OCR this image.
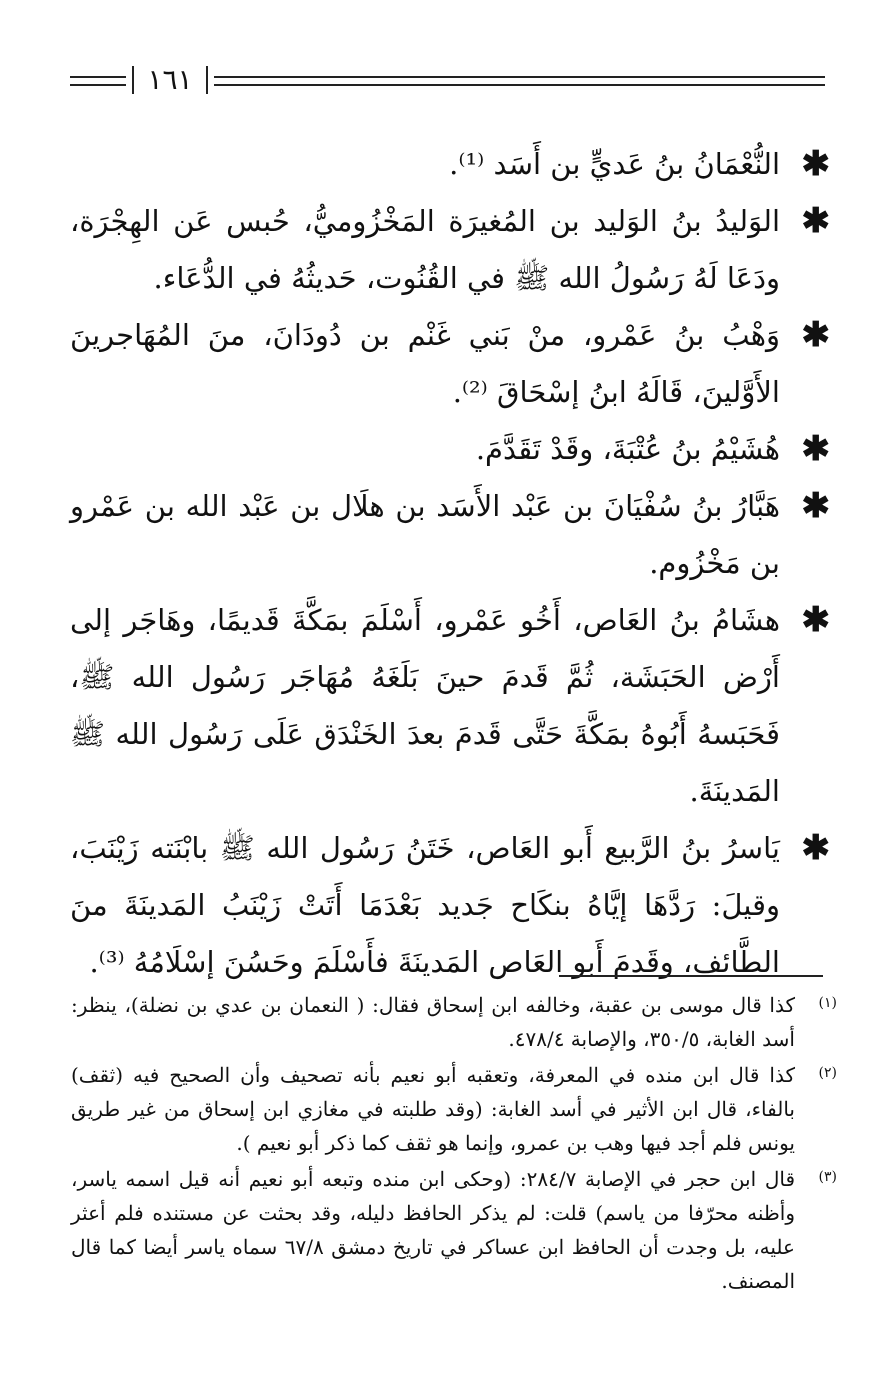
١٦١
✱
النُّعْمَانُ بنُ عَديٍّ بن أَسَد ⁽¹⁾.
✱
الوَليدُ بنُ الوَليد بن المُغيرَة المَخْزُوميُّ، حُبس عَن الهِجْرَة، ودَعَا لَهُ رَسُولُ الله ﷺ في القُنُوت، حَديثُهُ في الدُّعَاء.
✱
وَهْبُ بنُ عَمْرو، منْ بَني غَنْم بن دُودَانَ، منَ المُهَاجرينَ الأَوَّلينَ، قَالَهُ ابنُ إسْحَاقَ ⁽²⁾.
✱
هُشَيْمُ بنُ عُتْبَةَ، وقَدْ تَقَدَّمَ.
✱
هَبَّارُ بنُ سُفْيَانَ بن عَبْد الأَسَد بن هلَال بن عَبْد الله بن عَمْرو بن مَخْزُوم.
✱
هشَامُ بنُ العَاص، أَخُو عَمْرو، أَسْلَمَ بمَكَّةَ قَديمًا، وهَاجَر إلى أَرْض الحَبَشَة، ثُمَّ قَدمَ حينَ بَلَغَهُ مُهَاجَر رَسُول الله ﷺ، فَحَبَسهُ أَبُوهُ بمَكَّةَ حَتَّى قَدمَ بعدَ الخَنْدَق عَلَى رَسُول الله ﷺ المَدينَةَ.
✱
يَاسرُ بنُ الرَّبيع أَبو العَاص، خَتَنُ رَسُول الله ﷺ بابْنَته زَيْنَبَ، وقيلَ: رَدَّهَا إيَّاهُ بنكَاح جَديد بَعْدَمَا أَتَتْ زَيْنَبُ المَدينَةَ منَ الطَّائف، وقَدمَ أَبو العَاص المَدينَةَ فأَسْلَمَ وحَسُنَ إسْلَامُهُ ⁽³⁾.
(١)
كذا قال موسى بن عقبة، وخالفه ابن إسحاق فقال: ( النعمان بن عدي بن نضلة)، ينظر: أسد الغابة، ٣٥٠/٥، والإصابة ٤٧٨/٤.
(٢)
كذا قال ابن منده في المعرفة، وتعقبه أبو نعيم بأنه تصحيف وأن الصحيح فيه (ثقف) بالفاء، قال ابن الأثير في أسد الغابة: (وقد طلبته في مغازي ابن إسحاق من غير طريق يونس فلم أجد فيها وهب بن عمرو، وإنما هو ثقف كما ذكر أبو نعيم ).
(٣)
قال ابن حجر في الإصابة ٢٨٤/٧: (وحكى ابن منده وتبعه أبو نعيم أنه قيل اسمه ياسر، وأظنه محرّفا من ياسم) قلت: لم يذكر الحافظ دليله، وقد بحثت عن مستنده فلم أعثر عليه، بل وجدت أن الحافظ ابن عساكر في تاريخ دمشق ٦٧/٨ سماه ياسر أيضا كما قال المصنف.
